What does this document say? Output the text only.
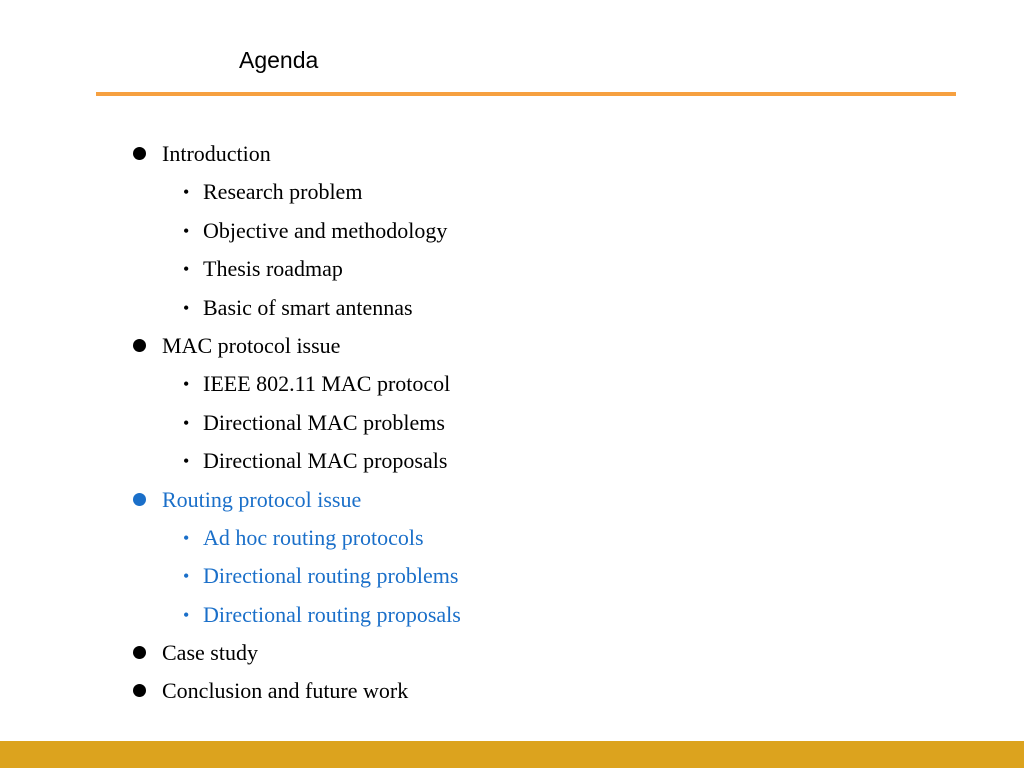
Agenda
Introduction
• Research problem
• Objective and methodology
• Thesis roadmap
• Basic of smart antennas
MAC protocol issue
• IEEE 802.11 MAC protocol
• Directional MAC problems
• Directional MAC proposals
Routing protocol issue
• Ad hoc routing protocols
• Directional routing problems
• Directional routing proposals
Case study
Conclusion and future work
